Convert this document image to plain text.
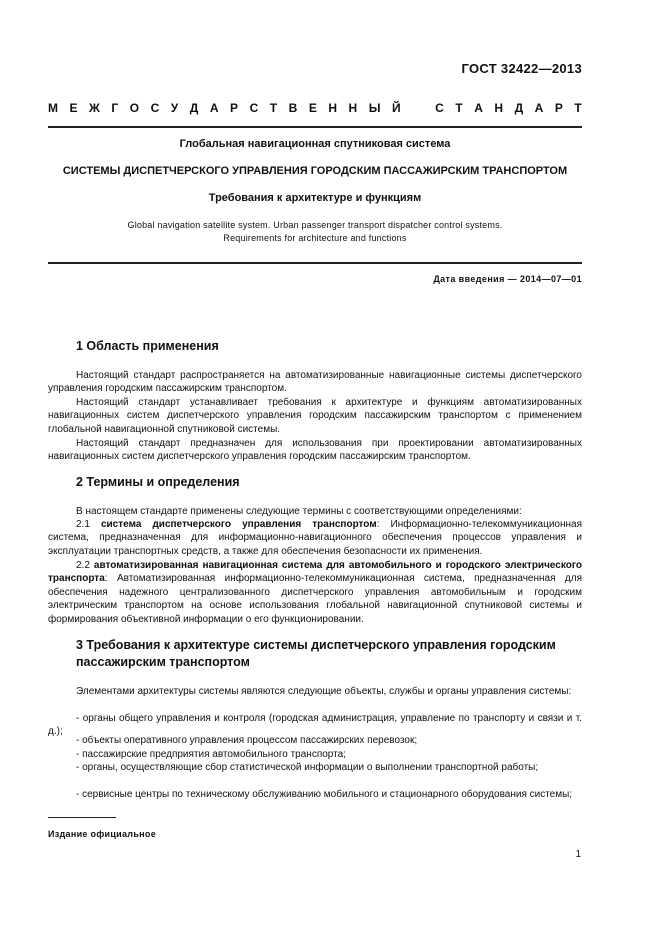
ГОСТ 32422—2013
М Е Ж Г О С У Д А Р С Т В Е Н Н Ы Й	С Т А Н Д А Р Т
Глобальная навигационная спутниковая система
СИСТЕМЫ ДИСПЕТЧЕРСКОГО УПРАВЛЕНИЯ ГОРОДСКИМ ПАССАЖИРСКИМ ТРАНСПОРТОМ
Требования к архитектуре и функциям
Global navigation satellite system. Urban passenger transport dispatcher control systems.
Requirements for architecture and functions
Дата введения — 2014—07—01
1 Область применения

Настоящий стандарт распространяется на автоматизированные навигационные системы диспетчерского управления городским пассажирским транспортом.

Настоящий стандарт устанавливает требования к архитектуре и функциям автоматизированных навигационных систем диспетчерского управления городским пассажирским транспортом с применением глобальной навигационной спутниковой системы.

Настоящий стандарт предназначен для использования при проектировании автоматизированных навигационных систем диспетчерского управления городским пассажирским транспортом.

2 Термины и определения

В настоящем стандарте применены следующие термины с соответствующими определениями:

2.1 система диспетчерского управления транспортом: Информационно-телекоммуникационная система, предназначенная для информационно-навигационного обеспечения процессов управления и эксплуатации транспортных средств, а также для обеспечения безопасности их применения.

2.2 автоматизированная навигационная система для автомобильного и городского электрического транспорта: Автоматизированная информационно-телекоммуникационная система, предназначенная для обеспечения надежного централизованного диспетчерского управления автомобильным и городским электрическим транспортом на основе использования глобальной навигационной спутниковой системы и формирования объективной информации о его функционировании.

3 Требования к архитектуре системы диспетчерского управления городским пассажирским транспортом

Элементами архитектуры системы являются следующие объекты, службы и органы управления системы:

- органы общего управления и контроля (городская администрация, управление по транспорту и связи и т. д.);

- объекты оперативного управления процессом пассажирских перевозок;

- пассажирские предприятия автомобильного транспорта;

- органы, осуществляющие сбор статистической информации о выполнении транспортной работы;

- сервисные центры по техническому обслуживанию мобильного и стационарного оборудования системы;

Издание официальное
1
